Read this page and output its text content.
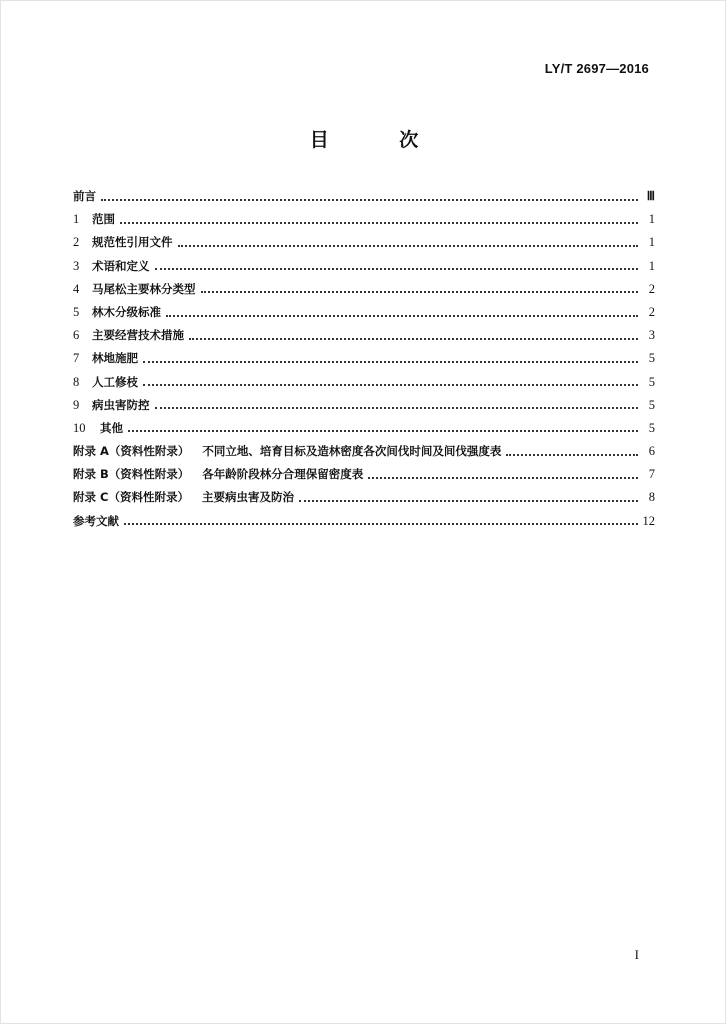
LY/T 2697—2016
目 次
前言	Ⅲ
1	范围	1
2	规范性引用文件	1
3	术语和定义	1
4	马尾松主要林分类型	2
5	林木分级标准	2
6	主要经营技术措施	3
7	林地施肥	5
8	人工修枝	5
9	病虫害防控	5
10	其他	5
附录 A（资料性附录） 不同立地、培育目标及造林密度各次间伐时间及间伐强度表	6
附录 B（资料性附录） 各年龄阶段林分合理保留密度表	7
附录 C（资料性附录） 主要病虫害及防治	8
参考文献	12
I
